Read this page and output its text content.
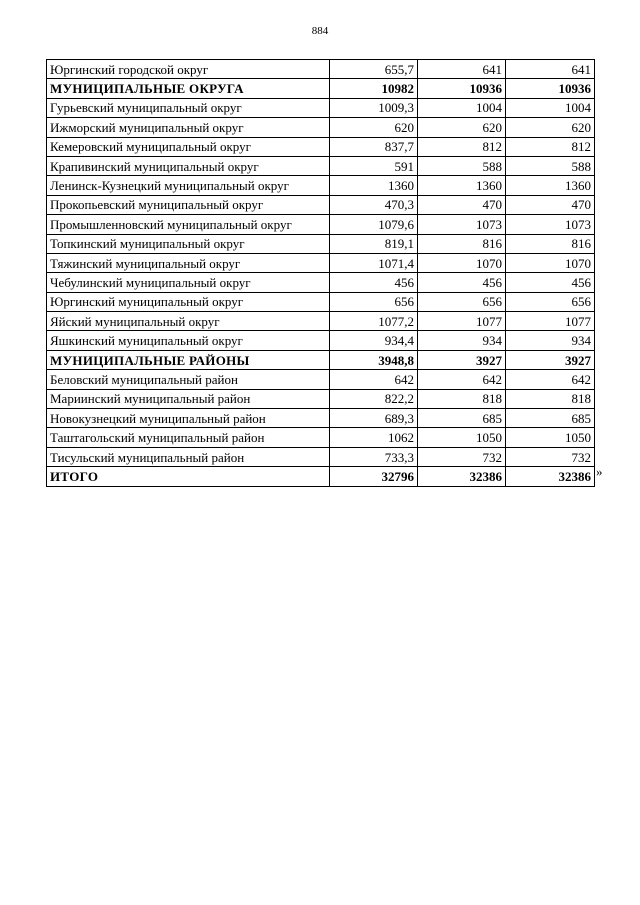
884
Юргинский городской округ	655,7	641	641
МУНИЦИПАЛЬНЫЕ ОКРУГА	10982	10936	10936
Гурьевский муниципальный округ	1009,3	1004	1004
Ижморский муниципальный округ	620	620	620
Кемеровский муниципальный округ	837,7	812	812
Крапивинский муниципальный округ	591	588	588
Ленинск-Кузнецкий муниципальный округ	1360	1360	1360
Прокопьевский муниципальный округ	470,3	470	470
Промышленновский муниципальный округ	1079,6	1073	1073
Топкинский муниципальный округ	819,1	816	816
Тяжинский муниципальный округ	1071,4	1070	1070
Чебулинский муниципальный округ	456	456	456
Юргинский муниципальный округ	656	656	656
Яйский муниципальный округ	1077,2	1077	1077
Яшкинский муниципальный округ	934,4	934	934
МУНИЦИПАЛЬНЫЕ РАЙОНЫ	3948,8	3927	3927
Беловский муниципальный район	642	642	642
Мариинский муниципальный район	822,2	818	818
Новокузнецкий муниципальный район	689,3	685	685
Таштагольский муниципальный район	1062	1050	1050
Тисульский муниципальный район	733,3	732	732
ИТОГО	32796	32386	32386 »
